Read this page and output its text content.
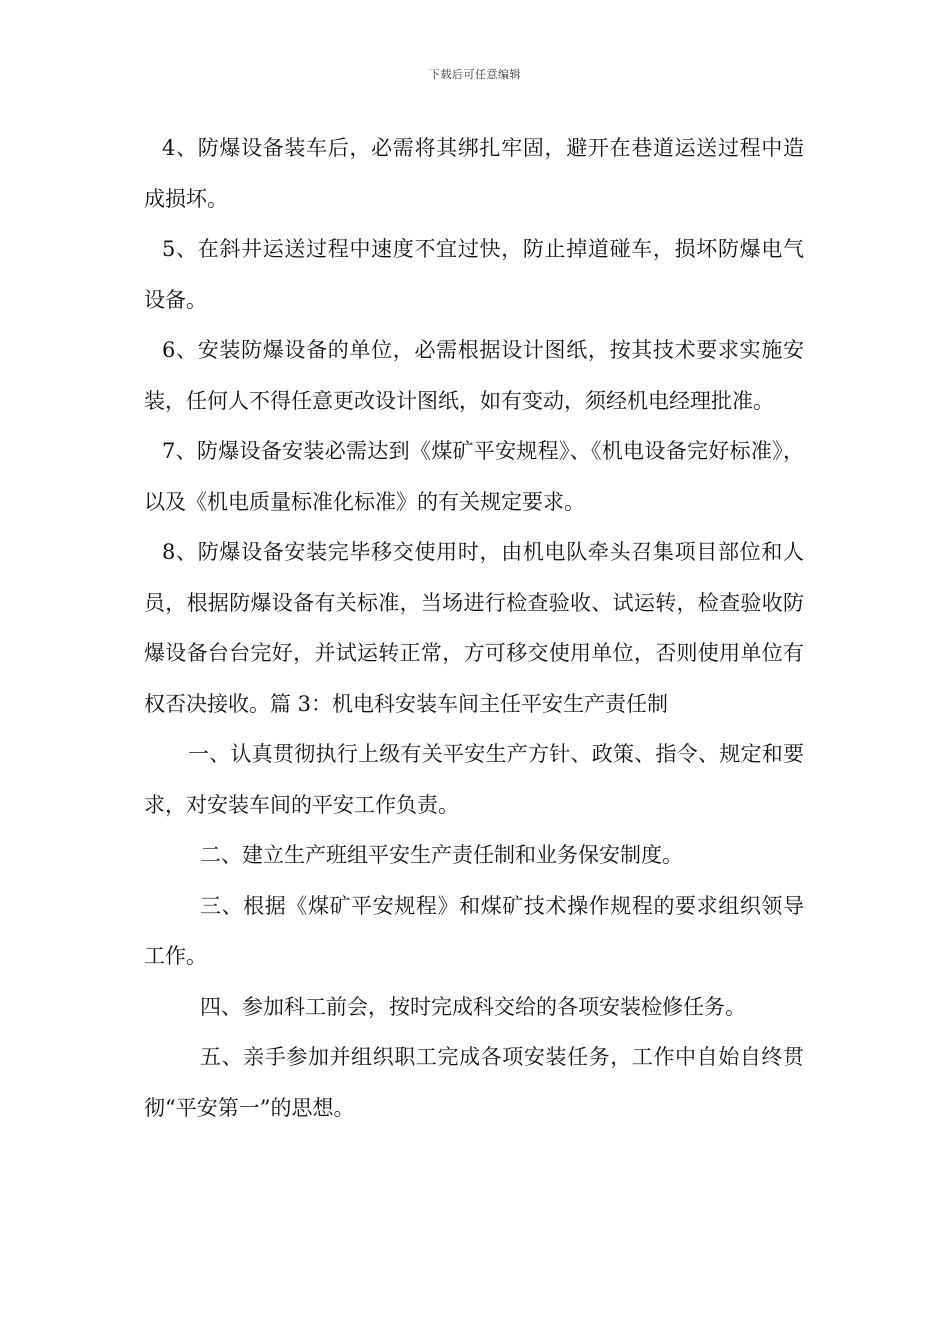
下载后可任意编辑

4、防爆设备装车后，必需将其绑扎牢固，避开在巷道运送过程中造成损坏。

5、在斜井运送过程中速度不宜过快，防止掉道碰车，损坏防爆电气设备。

6、安装防爆设备的单位，必需根据设计图纸，按其技术要求实施安装，任何人不得任意更改设计图纸，如有变动，须经机电经理批准。

7、防爆设备安装必需达到《煤矿平安规程》、《机电设备完好标准》，以及《机电质量标准化标准》的有关规定要求。

8、防爆设备安装完毕移交使用时，由机电队牵头召集项目部位和人员，根据防爆设备有关标准，当场进行检查验收、试运转，检查验收防爆设备台台完好，并试运转正常，方可移交使用单位，否则使用单位有权否决接收。篇 3：机电科安装车间主任平安生产责任制

一、认真贯彻执行上级有关平安生产方针、政策、指令、规定和要求，对安装车间的平安工作负责。

二、建立生产班组平安生产责任制和业务保安制度。

三、根据《煤矿平安规程》和煤矿技术操作规程的要求组织领导工作。

四、参加科工前会，按时完成科交给的各项安装检修任务。

五、亲手参加并组织职工完成各项安装任务，工作中自始自终贯彻“平安第一”的思想。
